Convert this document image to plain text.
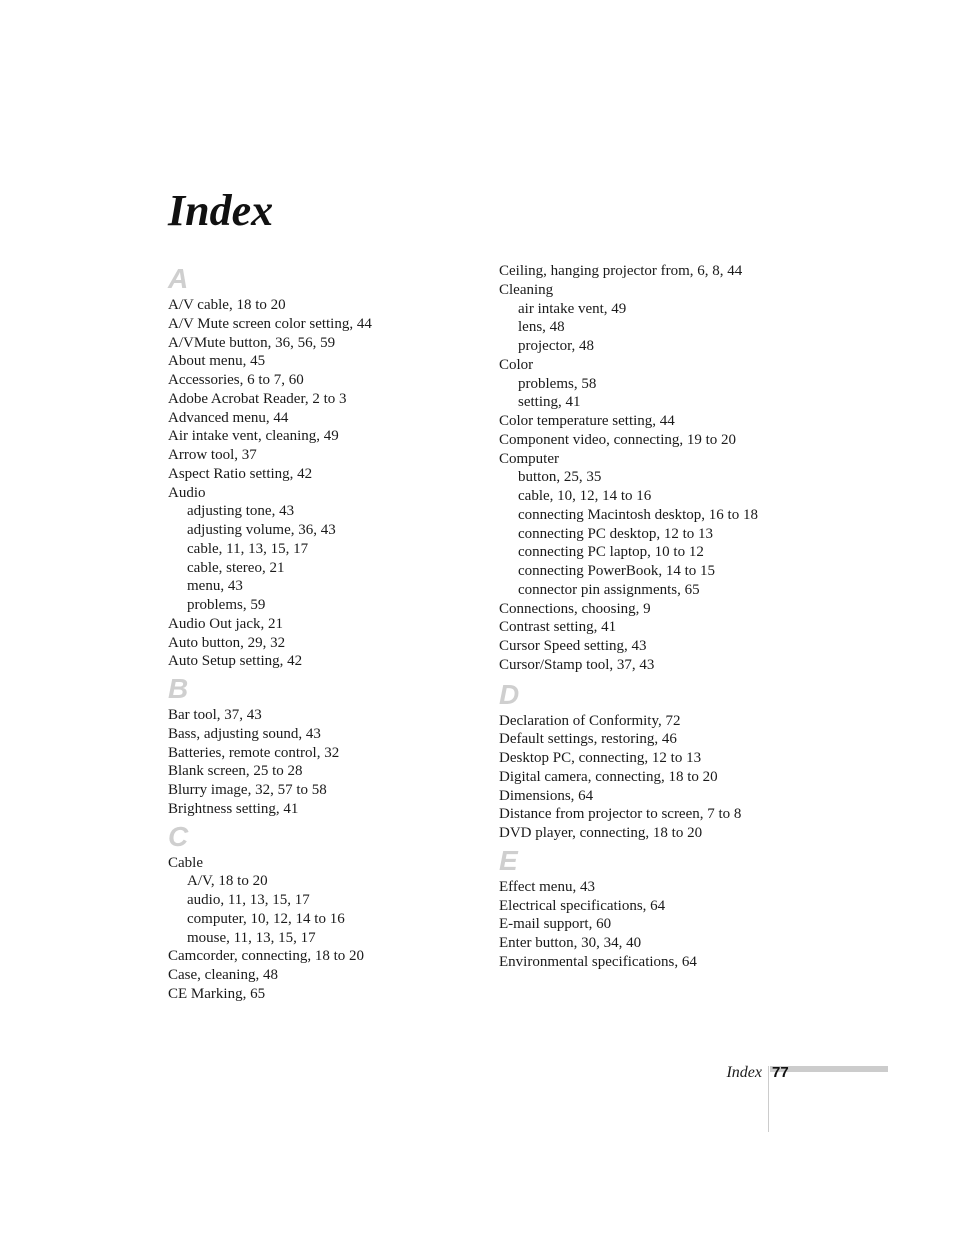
Index
A
A/V cable, 18 to 20
A/V Mute screen color setting, 44
A/VMute button, 36, 56, 59
About menu, 45
Accessories, 6 to 7, 60
Adobe Acrobat Reader, 2 to 3
Advanced menu, 44
Air intake vent, cleaning, 49
Arrow tool, 37
Aspect Ratio setting, 42
Audio
adjusting tone, 43
adjusting volume, 36, 43
cable, 11, 13, 15, 17
cable, stereo, 21
menu, 43
problems, 59
Audio Out jack, 21
Auto button, 29, 32
Auto Setup setting, 42
B
Bar tool, 37, 43
Bass, adjusting sound, 43
Batteries, remote control, 32
Blank screen, 25 to 28
Blurry image, 32, 57 to 58
Brightness setting, 41
C
Cable
A/V, 18 to 20
audio, 11, 13, 15, 17
computer, 10, 12, 14 to 16
mouse, 11, 13, 15, 17
Camcorder, connecting, 18 to 20
Case, cleaning, 48
CE Marking, 65
Ceiling, hanging projector from, 6, 8, 44
Cleaning
air intake vent, 49
lens, 48
projector, 48
Color
problems, 58
setting, 41
Color temperature setting, 44
Component video, connecting, 19 to 20
Computer
button, 25, 35
cable, 10, 12, 14 to 16
connecting Macintosh desktop, 16 to 18
connecting PC desktop, 12 to 13
connecting PC laptop, 10 to 12
connecting PowerBook, 14 to 15
connector pin assignments, 65
Connections, choosing, 9
Contrast setting, 41
Cursor Speed setting, 43
Cursor/Stamp tool, 37, 43
D
Declaration of Conformity, 72
Default settings, restoring, 46
Desktop PC, connecting, 12 to 13
Digital camera, connecting, 18 to 20
Dimensions, 64
Distance from projector to screen, 7 to 8
DVD player, connecting, 18 to 20
E
Effect menu, 43
Electrical specifications, 64
E-mail support, 60
Enter button, 30, 34, 40
Environmental specifications, 64
Index 77
